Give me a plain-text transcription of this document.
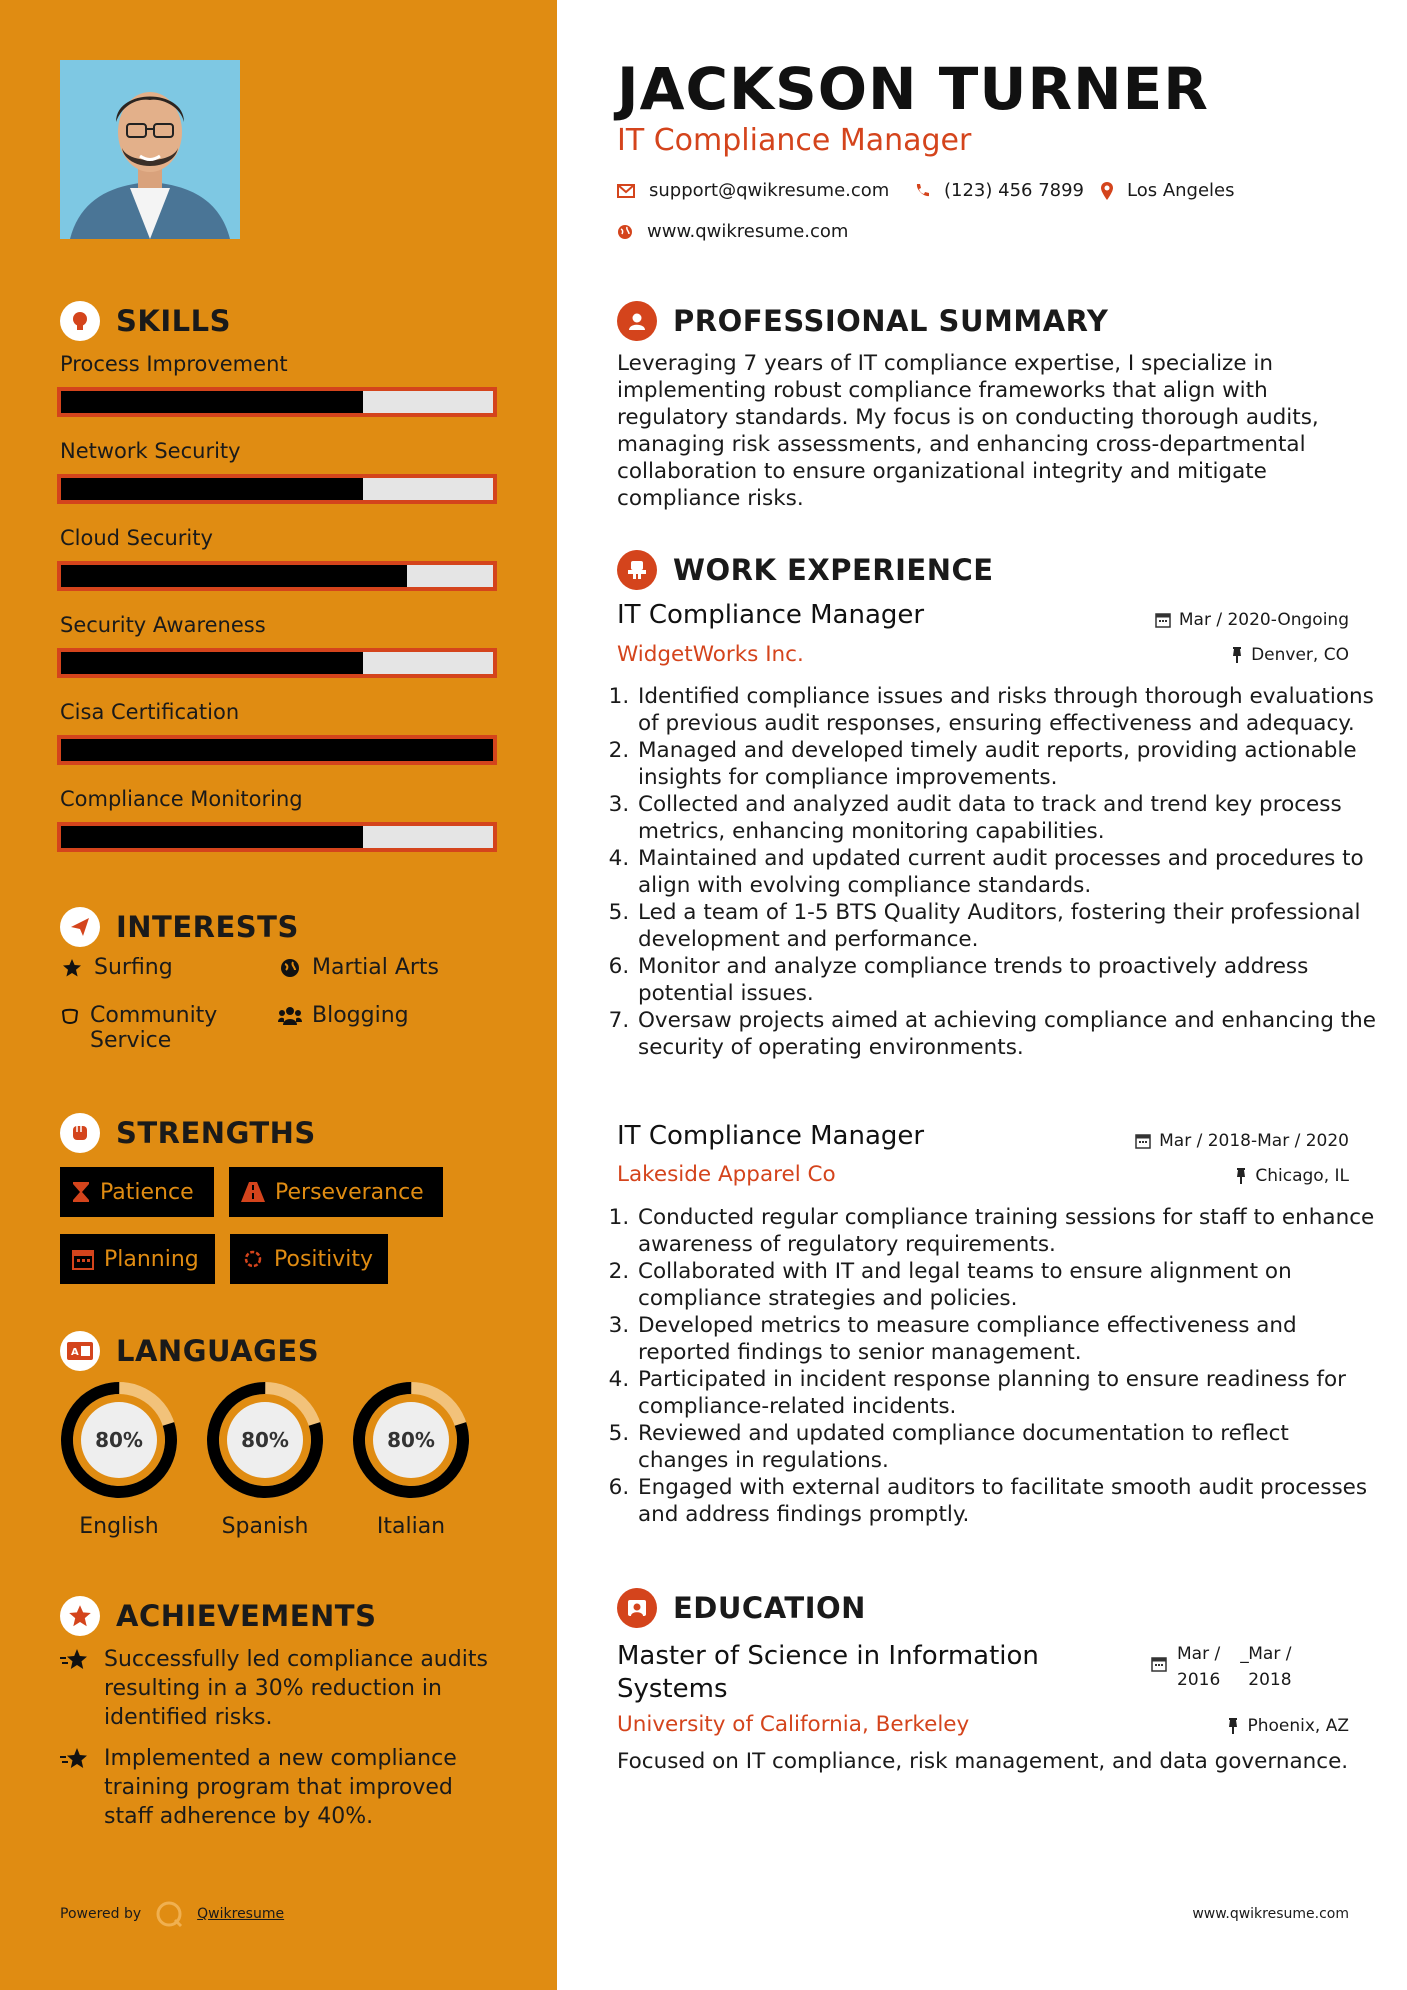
SKILLS
INTERESTS
Surfing	Martial Arts
Community Service
Blogging
STRENGTHS
Patience	Perseverance
Planning	Positivity
A LANGUAGES
ACHIEVEMENTS
Successfully led compliance audits resulting in a 30% reduction in identified risks.
Implemented a new compliance training program that improved staff adherence by 40%.
Powered by	Qwikresume
Process Improvement
Network Security
Cloud Security
Security Awareness
Cisa Certification
Compliance Monitoring
80%
English
80%
Spanish
80%
Italian
JACKSON TURNER
IT Compliance Manager
support@qwikresume.com	(123) 456 7899 Los Angeles
www.qwikresume.com
PROFESSIONAL SUMMARY
Leveraging 7 years of IT compliance expertise, I specialize in implementing robust compliance frameworks that align with regulatory standards. My focus is on conducting thorough audits, managing risk assessments, and enhancing cross-departmental collaboration to ensure organizational integrity and mitigate compliance risks.
WORK EXPERIENCE
IT Compliance Manager	Mar / 2020-Ongoing
WidgetWorks Inc.	Denver, CO
1. Identified compliance issues and risks through thorough evaluations of previous audit responses, ensuring effectiveness and adequacy.
2. Managed and developed timely audit reports, providing actionable insights for compliance improvements.
3. Collected and analyzed audit data to track and trend key process metrics, enhancing monitoring capabilities.
4. Maintained and updated current audit processes and procedures to align with evolving compliance standards.
5. Led a team of 1-5 BTS Quality Auditors, fostering their professional development and performance.
6. Monitor and analyze compliance trends to proactively address potential issues.
7. Oversaw projects aimed at achieving compliance and enhancing the security of operating environments.
IT Compliance Manager	Mar / 2018-Mar / 2020
Lakeside Apparel Co	Chicago, IL
1. Conducted regular compliance training sessions for staff to enhance awareness of regulatory requirements.
2. Collaborated with IT and legal teams to ensure alignment on compliance strategies and policies.
3. Developed metrics to measure compliance effectiveness and reported findings to senior management.
4. Participated in incident response planning to ensure readiness for compliance-related incidents.
5. Reviewed and updated compliance documentation to reflect changes in regulations.
6. Engaged with external auditors to facilitate smooth audit processes and address findings promptly.
EDUCATION
Master of Science in Information
Systems
Mar /
2016
_ Mar /
2018
University of California, Berkeley	Phoenix, AZ
Focused on IT compliance, risk management, and data governance.
www.qwikresume.com
